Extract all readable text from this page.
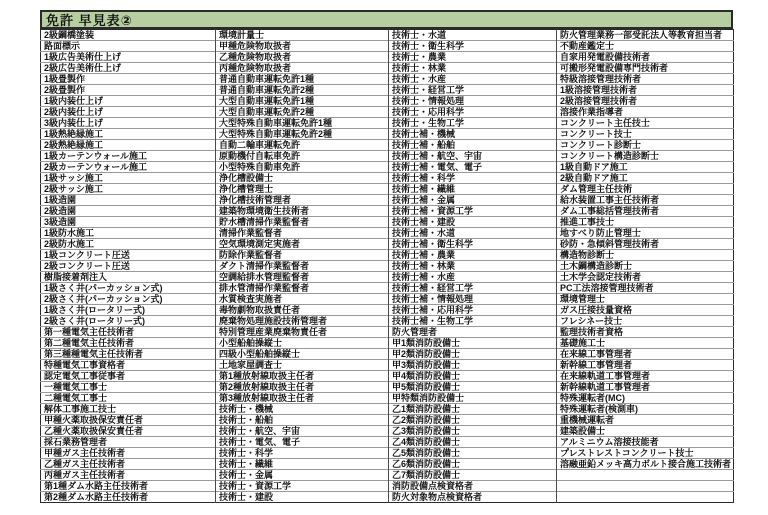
免許 早見表②
2級鋼橋塗装	環境計量士	技術士・水道	防火管理業務一部受託法人等教育担当者
路面標示	甲種危険物取扱者	技術士・衛生科学	不動産鑑定士
1級広告美術仕上げ	乙種危険物取扱者	技術士・農業	自家用発電設備技術者
2級広告美術仕上げ	丙種危険物取扱者	技術士・林業	可搬形発電設備専門技術者
1級畳製作	普通自動車運転免許1種	技術士・水産	特級溶接管理技術者
2級畳製作	普通自動車運転免許2種	技術士・経営工学	1級溶接管理技術者
1級内装仕上げ	大型自動車運転免許1種	技術士・情報処理	2級溶接管理技術者
2級内装仕上げ	大型自動車運転免許2種	技術士・応用科学	溶接作業指導者
3級内装仕上げ	大型特殊自動車運転免許1種	技術士・生物工学	コンクリート主任技士
1級熱絶縁施工	大型特殊自動車運転免許2種	技術士補・機械	コンクリート技士
2級熱絶縁施工	自動二輪車運転免許	技術士補・船舶	コンクリート診断士
1級カーテンウォール施工	原動機付自転車免許	技術士補・航空、宇宙	コンクリート構造診断士
2級カーテンウォール施工	小型特殊自動車免許	技術士補・電気、電子	1級自動ドア施工
1級サッシ施工	浄化槽設備士	技術士補・科学	2級自動ドア施工
2級サッシ施工	浄化槽管理士	技術士補・繊維	ダム管理主任技術
1級造園	浄化槽技術管理者	技術士補・金属	給水装置工事主任技術者
2級造園	建築物環境衛生技術者	技術士補・資源工学	ダム工事総括管理技術者
3級造園	貯水槽清掃作業監督者	技術士補・建設	推進工事技士
1級防水施工	清掃作業監督者	技術士補・水道	地すべり防止管理士
2級防水施工	空気環境測定実施者	技術士補・衛生科学	砂防・急傾斜管理技術者
1級コンクリート圧送	防除作業監督者	技術士補・農業	構造物診断士
2級コンクリート圧送	ダクト清掃作業監督者	技術士補・林業	土木鋼構造診断士
樹脂接着剤注入	空調給排水管理監督者	技術士補・水産	土木学会認定技術者
1級さく井(パーカッション式)	排水管清掃作業監督者	技術士補・経営工学	PC工法溶接管理技術者
2級さく井(パーカッション式)	水質検査実施者	技術士補・情報処理	環境管理士
1級さく井(ロータリー式)	毒物劇物取扱責任者	技術士補・応用科学	ガス圧接技量資格
2級さく井(ロータリー式)	廃棄物処理施設技術管理者	技術士補・生物工学	フレシネー技士
第一種電気主任技術者	特別管理産業廃棄物責任者	防火管理者	監理技術者資格
第二種電気主任技術者	小型船舶操縦士	甲1類消防設備士	基礎施工士
第三種種電気主任技術者	四級小型船舶操縦士	甲2類消防設備士	在来線工事管理者
特種電気工事資格者	土地家屋調査士	甲3類消防設備士	新幹線工事管理者
認定電気工事従事者	第1種放射線取扱主任者	甲4類消防設備士	在来線軌道工事管理者
一種電気工事士	第2種放射線取扱主任者	甲5類消防設備士	新幹線軌道工事管理者
二種電気工事士	第3種放射線取扱主任者	甲特類消防設備士	特殊運転者(MC)
解体工事施工技士	技術士・機械	乙1類消防設備士	特殊運転者(検測車)
甲種火薬取扱保安責任者	技術士・船舶	乙2類消防設備士	重機械運転者
乙種火薬取扱保安責任者	技術士・航空、宇宙	乙3類消防設備士	建築設備士
採石業務管理者	技術士・電気、電子	乙4類消防設備士	アルミニウム溶接技能者
甲種ガス主任技術者	技術士・科学	乙5類消防設備士	プレストレストコンクリート技士
乙種ガス主任技術者	技術士・繊維	乙6類消防設備士	溶融亜鉛メッキ高力ボルト接合施工技術者
丙種ガス主任技術者	技術士・金属	乙7類消防設備士	
第1種ダム水路主任技術者	技術士・資源工学	消防設備点検資格者	
第2種ダム水路主任技術者	技術士・建設	防火対象物点検資格者	
